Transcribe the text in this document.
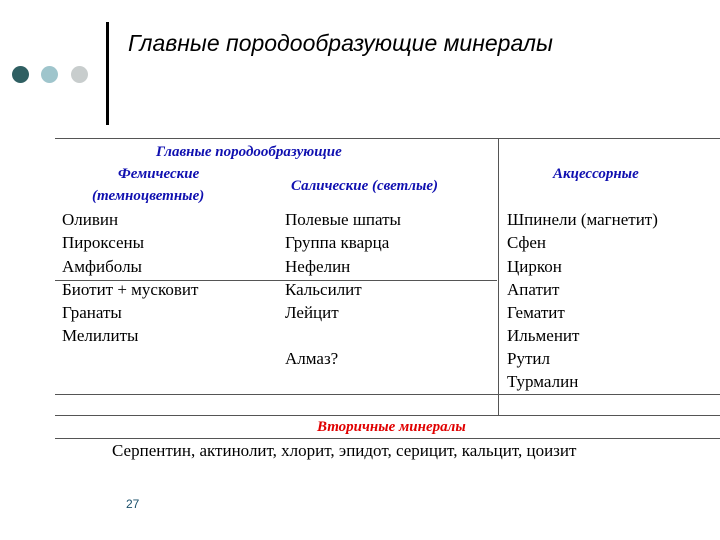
Главные породообразующие минералы
Главные породообразующие
Фемические
(темноцветные)
Салические (светлые)
Акцессорные
Вторичные минералы
Оливин
Пироксены
Амфиболы
Биотит + мусковит
Гранаты
Мелилиты
Полевые шпаты
Группа кварца
Нефелин
Кальсилит
Лейцит
Алмаз?
Шпинели (магнетит)
Сфен
Циркон
Апатит
Гематит
Ильменит
Рутил
Турмалин
Серпентин, актинолит, хлорит, эпидот, серицит, кальцит, цоизит
27
